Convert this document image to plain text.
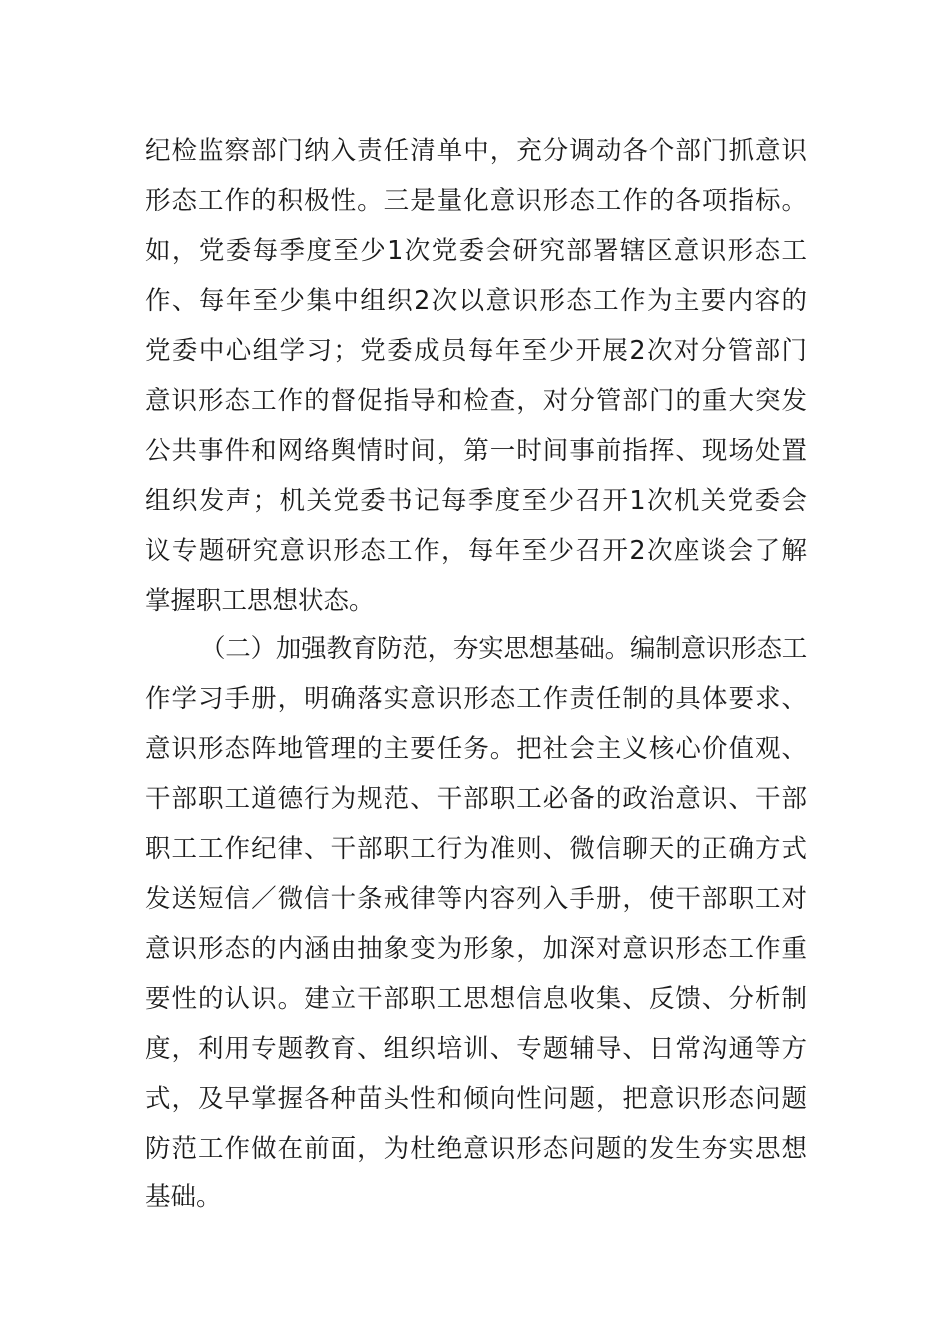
纪检监察部门纳入责任清单中，充分调动各个部门抓意识
形态工作的积极性。三是量化意识形态工作的各项指标。
如，党委每季度至少1次党委会研究部署辖区意识形态工
作、每年至少集中组织2次以意识形态工作为主要内容的
党委中心组学习；党委成员每年至少开展2次对分管部门
意识形态工作的督促指导和检查，对分管部门的重大突发
公共事件和网络舆情时间，第一时间事前指挥、现场处置
组织发声；机关党委书记每季度至少召开1次机关党委会
议专题研究意识形态工作，每年至少召开2次座谈会了解
掌握职工思想状态。
（二）加强教育防范，夯实思想基础。编制意识形态工
作学习手册，明确落实意识形态工作责任制的具体要求、
意识形态阵地管理的主要任务。把社会主义核心价值观、
干部职工道德行为规范、干部职工必备的政治意识、干部
职工工作纪律、干部职工行为准则、微信聊天的正确方式
发送短信／微信十条戒律等内容列入手册，使干部职工对
意识形态的内涵由抽象变为形象，加深对意识形态工作重
要性的认识。建立干部职工思想信息收集、反馈、分析制
度，利用专题教育、组织培训、专题辅导、日常沟通等方
式，及早掌握各种苗头性和倾向性问题，把意识形态问题
防范工作做在前面，为杜绝意识形态问题的发生夯实思想
基础。
